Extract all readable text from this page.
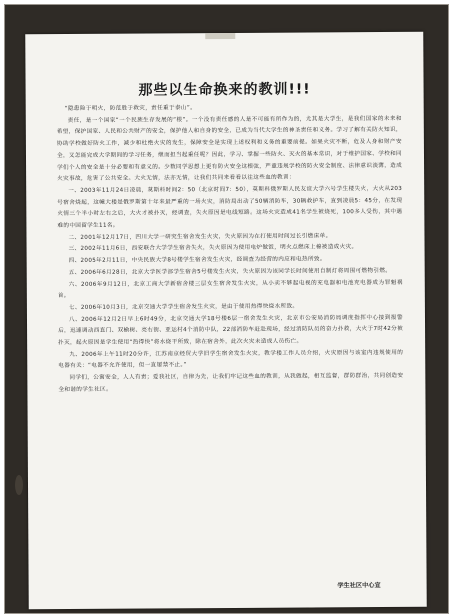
那些以生命换来的教训!!!

“隐患险于明火，防范胜于救灾，责任重于泰山”。

责任，是一个国家“一个民族生存发展的”根”。一个没有责任感的人是不可能有所作为的，尤其是大学生，是我们国家的未来和希望，保护国家、人民和公共财产的安全，保护他人和自身的安全，已成为当代大学生的神圣责任和义务。学习了解有关防火知识，协助学校做好防火工作，减少和杜绝火灾的发生，保障安全是实现上述权利和义务的重要前提。如果火灾不断，危及人身和财产安全，又怎能完成大学期间的学习任务，继而担当起重任呢？因此，学习、掌握一些防火、灭火的基本常识，对于维护国家、学校和同学们个人的安全是十分必要和有意义的。少数同学思想上更有防火安全这根弦，严重违规学校的防火安全制度、法律意识淡薄，造成火灾事故，危害了公共安全。大火无情，法亦无情，让我们共同来看看以往这些血的教训：

一、2003年11月24日凌晨，莫斯科时间2：50（北京时间7：50），莫斯科俄罗斯人民友谊大学六号学生楼失火，大火从203号宿舍烧起，这幢大楼是俄罗斯第十年来最严重的一场火灾，消防局出动了50辆消防车，30辆救护车，直到凌晨5：45分，在发现火情三个半小时左右之后，大火才被扑灭，经调查，失火原因是电线短路。这场火灾造成41名学生被烧死，100多人受伤，其中遇难的中国留学生11名。

二、2001年12月17日，四川大学一研究生宿舍发生火灾，失火原因为在打使用时间过长引燃床单。

三、2002年11月6日，西安联合大学学生宿舍失火，失火原因为使用电炉做饭，明火点燃床上棉被造成火灾。

四、2005年2月11日，中央民族大学8号楼学生宿舍发生火灾，经调查为经营的内应和电热所致。

五、2006年6月28日，北京大学医学部学生宿舍5号楼发生火灾，失火原因为该同学长时间使用自制灯将周围可燃物引燃。

六、2006年9月12日，北京工商大学新宿舍楼三层女生宿舍发生火灾，从小卖不够起电视的充电器和电池充电器成为罪魁祸首。

七、2006年10月3日，北京交通大学学生宿舍发生火灾，是由于使用热得快烧水所致。

八、2006年12月2日早上6时49分，北京交通大学18号楼6层一宿舍发生火灾，北京市公安局消防局调度指挥中心接到报警后，迅速调动西直门、双榆树、亮右街、亚运村4个消防中队，22部消防车赶赴现场，经过消防队员的奋力扑救，大火于7时42分被扑灭，起火原因是学生使用“热得快”将水烧干所致，除在宿舍外，此次火灾未造成人员伤亡。

九、2006年上午11时20分许，江苏南京经贸大学旧学生宿舍发生火灾，教学楼工作人员介绍，火灾原因与该室内违规使用的电器有关：“电器不允许使用，但一直屡禁不止。”

同学们，公寓安全，人人有责；爱我社区，自律为先，让我们牢记这些血的教训，从我做起，相互监督，群防群治，共同创造安全和谐的学生社区。

学生社区中心宣
